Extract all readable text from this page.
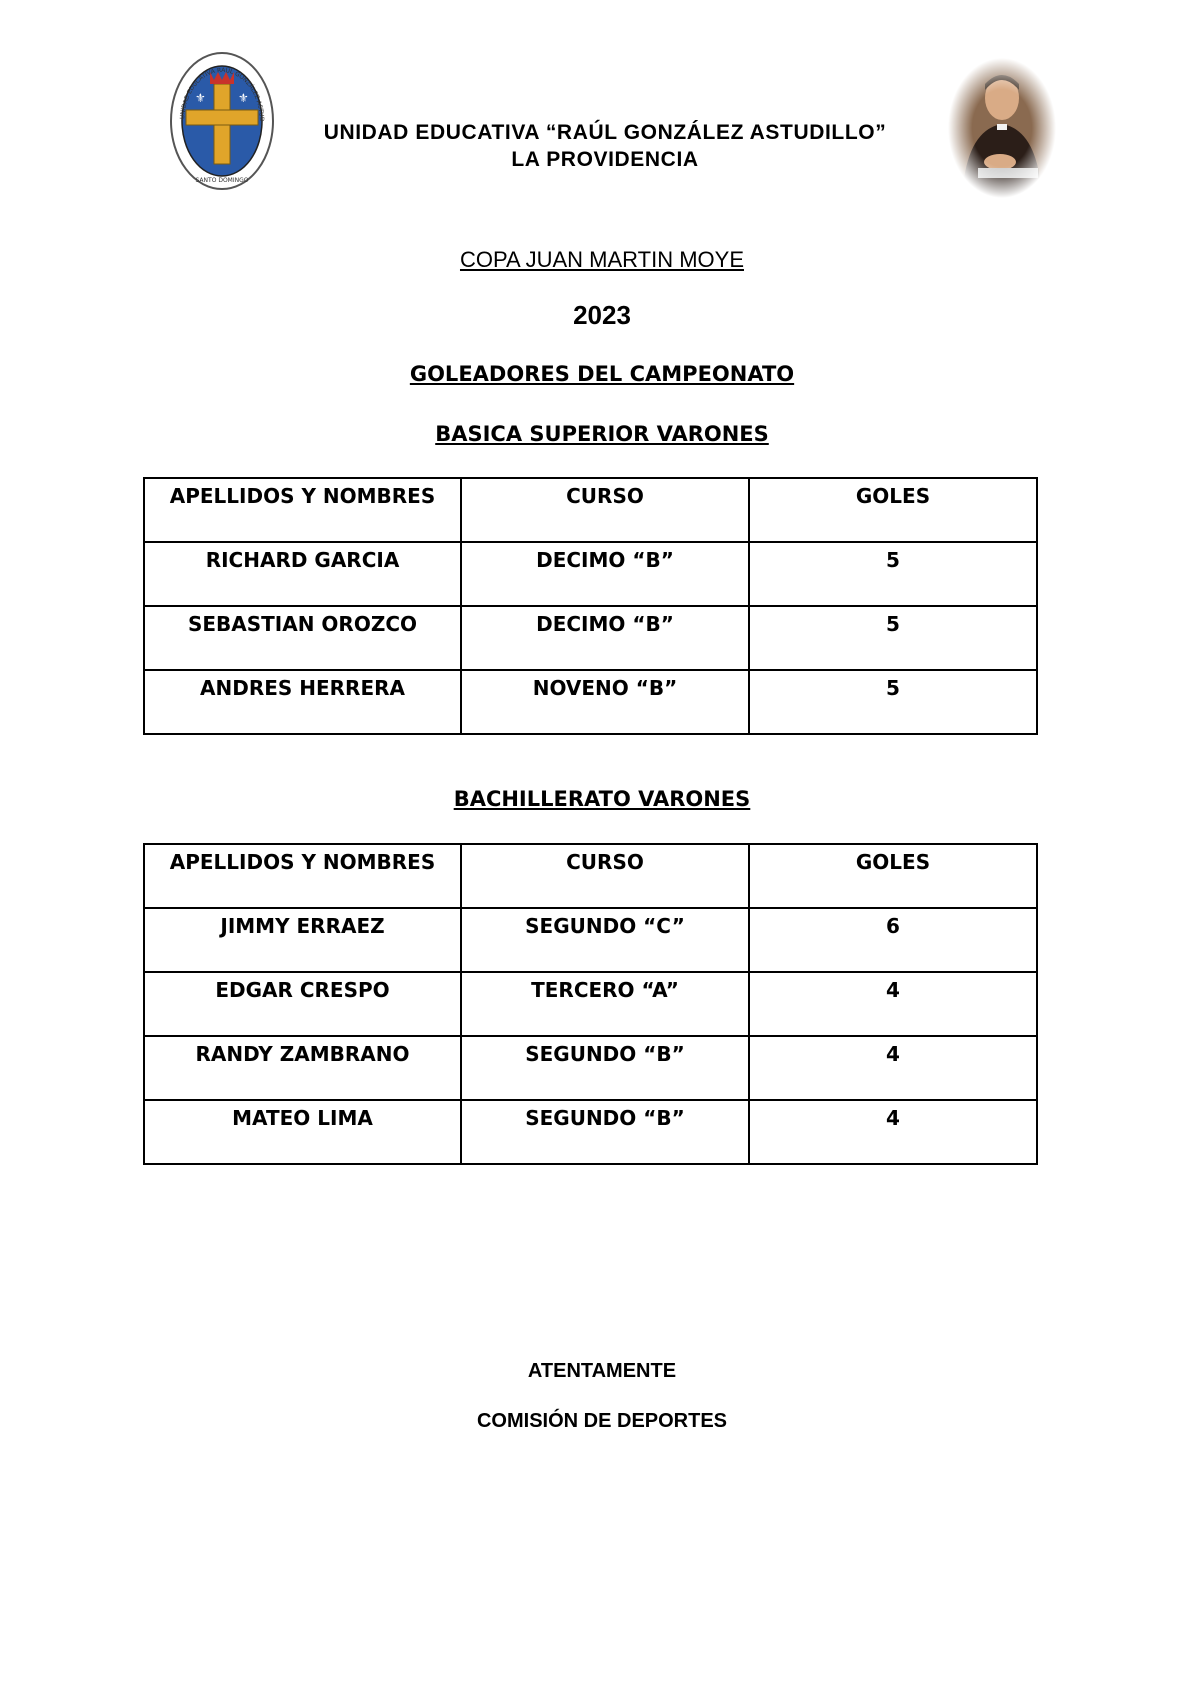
⚜	⚜
UNIDAD EDUCATIVA RAÚL GONZÁLEZ ASTUD
SANTO DOMINGO
UNIDAD EDUCATIVA “RAÚL GONZÁLEZ ASTUDILLO”
LA PROVIDENCIA
COPA JUAN MARTIN MOYE
2023
GOLEADORES DEL CAMPEONATO
BASICA SUPERIOR VARONES
APELLIDOS Y NOMBRES	CURSO	GOLES
RICHARD GARCIA	DECIMO “B”	5
SEBASTIAN OROZCO	DECIMO “B”	5
ANDRES HERRERA	NOVENO “B”	5
BACHILLERATO VARONES
APELLIDOS Y NOMBRES	CURSO	GOLES
JIMMY ERRAEZ	SEGUNDO “C”	6
EDGAR CRESPO	TERCERO “A”	4
RANDY ZAMBRANO	SEGUNDO “B”	4
MATEO LIMA	SEGUNDO “B”	4
ATENTAMENTE
COMISIÓN DE DEPORTES
